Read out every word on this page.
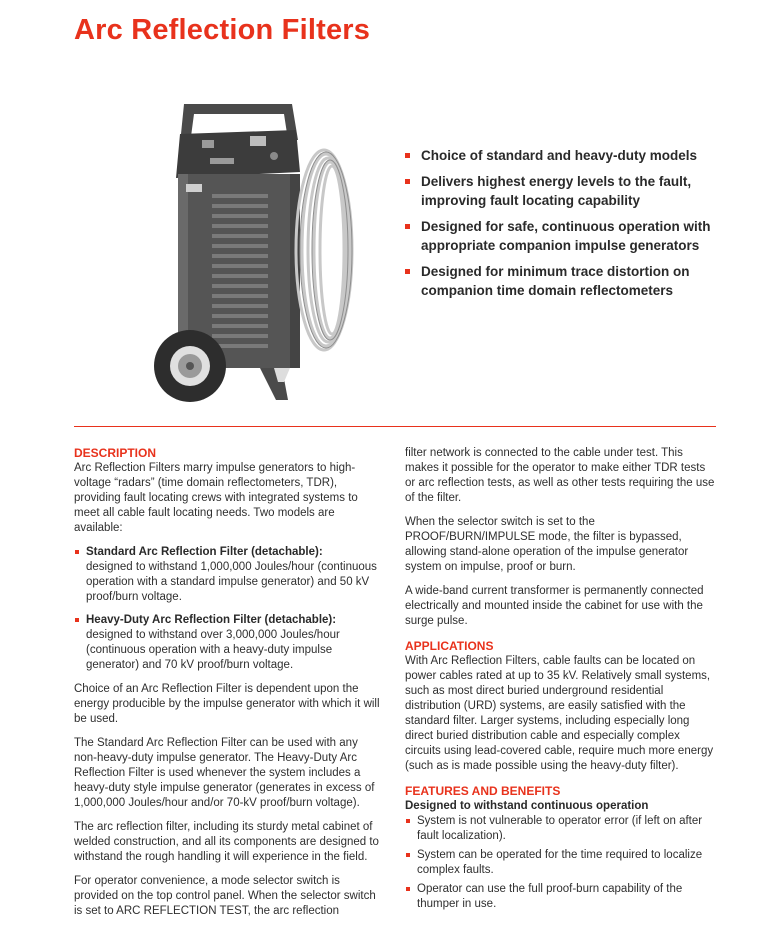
Arc Reflection Filters
Choice of standard and heavy-duty models
Delivers highest energy levels to the fault, improving fault locating capability
Designed for safe, continuous operation with appropriate companion impulse generators
Designed for minimum trace distortion on companion time domain reflectometers
DESCRIPTION

Arc Reflection Filters marry impulse generators to high-voltage “radars” (time domain reflectometers, TDR), providing fault locating crews with integrated systems to meet all cable fault locating needs. Two models are available:

Standard Arc Reflection Filter (detachable):
designed to withstand 1,000,000 Joules/hour (continuous operation with a standard impulse generator) and 50 kV proof/burn voltage.
Heavy-Duty Arc Reflection Filter (detachable):
designed to withstand over 3,000,000 Joules/hour (continuous operation with a heavy-duty impulse generator) and 70 kV proof/burn voltage.

Choice of an Arc Reflection Filter is dependent upon the energy producible by the impulse generator with which it will be used.

The Standard Arc Reflection Filter can be used with any non-heavy-duty impulse generator. The Heavy-Duty Arc Reflection Filter is used whenever the system includes a heavy-duty style impulse generator (generates in excess of 1,000,000 Joules/hour and/or 70-kV proof/burn voltage).

The arc reflection filter, including its sturdy metal cabinet of welded construction, and all its components are designed to withstand the rough handling it will experience in the field.

For operator convenience, a mode selector switch is provided on the top control panel. When the selector switch is set to ARC REFLECTION TEST, the arc reflection

filter network is connected to the cable under test. This makes it possible for the operator to make either TDR tests or arc reflection tests, as well as other tests requiring the use of the filter.

When the selector switch is set to the PROOF/BURN/IMPULSE mode, the filter is bypassed, allowing stand-alone operation of the impulse generator system on impulse, proof or burn.

A wide-band current transformer is permanently connected electrically and mounted inside the cabinet for use with the surge pulse.

APPLICATIONS

With Arc Reflection Filters, cable faults can be located on power cables rated at up to 35 kV. Relatively small systems, such as most direct buried underground residential distribution (URD) systems, are easily satisfied with the standard filter. Larger systems, including especially long direct buried distribution cable and especially complex circuits using lead-covered cable, require much more energy (such as is made possible using the heavy-duty filter).

FEATURES AND BENEFITS
Designed to withstand continuous operation
System is not vulnerable to operator error (if left on after fault localization).
System can be operated for the time required to localize complex faults.
Operator can use the full proof-burn capability of the thumper in use.
